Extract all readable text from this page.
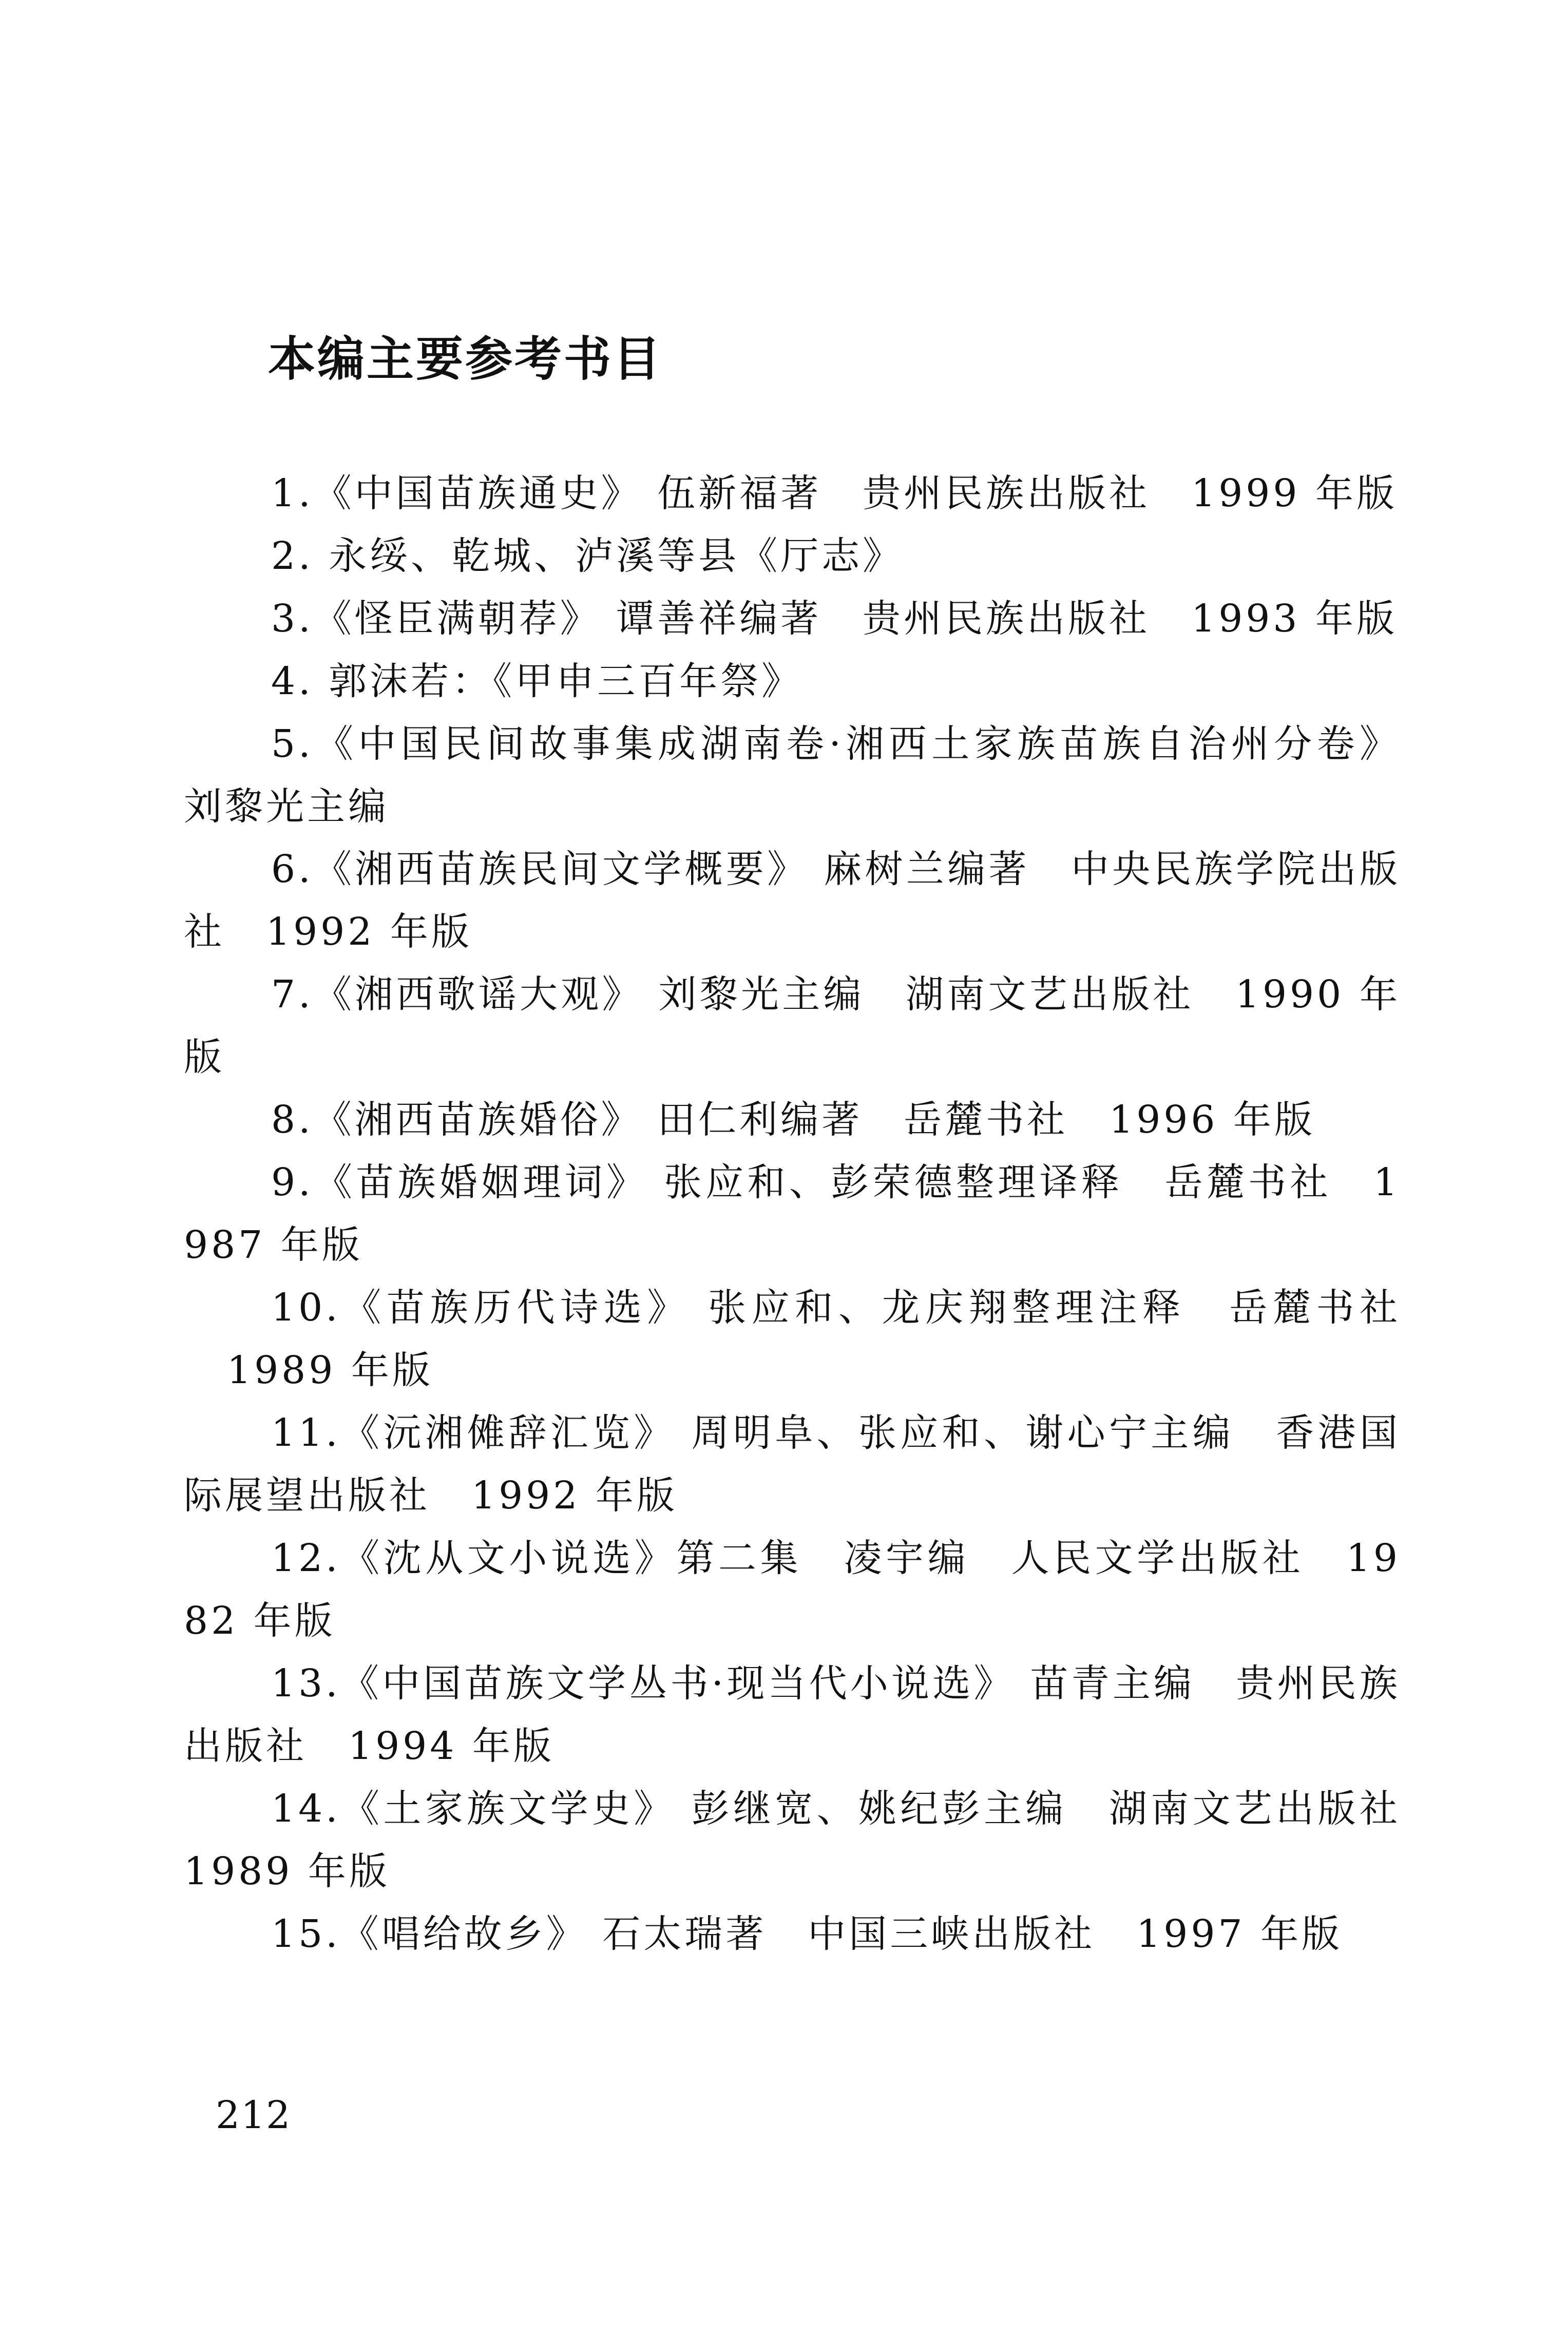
本编主要参考书目
1.《中国苗族通史》 伍新福著　贵州民族出版社　1999 年版
2. 永绥、乾城、泸溪等县《厅志》
3.《怪臣满朝荐》 谭善祥编著　贵州民族出版社　1993 年版
4. 郭沫若：《甲申三百年祭》
5.《中国民间故事集成湖南卷·湘西土家族苗族自治州分卷》 刘黎光主编
6.《湘西苗族民间文学概要》 麻树兰编著　中央民族学院出版社　1992 年版
7.《湘西歌谣大观》 刘黎光主编　湖南文艺出版社　1990 年版
8.《湘西苗族婚俗》 田仁利编著　岳麓书社　1996 年版
9.《苗族婚姻理词》 张应和、彭荣德整理译释　岳麓书社　1987 年版
10.《苗族历代诗选》 张应和、龙庆翔整理注释　岳麓书社　1989 年版
11.《沅湘傩辞汇览》 周明阜、张应和、谢心宁主编　香港国际展望出版社　1992 年版
12.《沈从文小说选》第二集　凌宇编　人民文学出版社　1982 年版
13.《中国苗族文学丛书·现当代小说选》 苗青主编　贵州民族出版社　1994 年版
14.《土家族文学史》 彭继宽、姚纪彭主编　湖南文艺出版社　1989 年版
15.《唱给故乡》 石太瑞著　中国三峡出版社　1997 年版
212
